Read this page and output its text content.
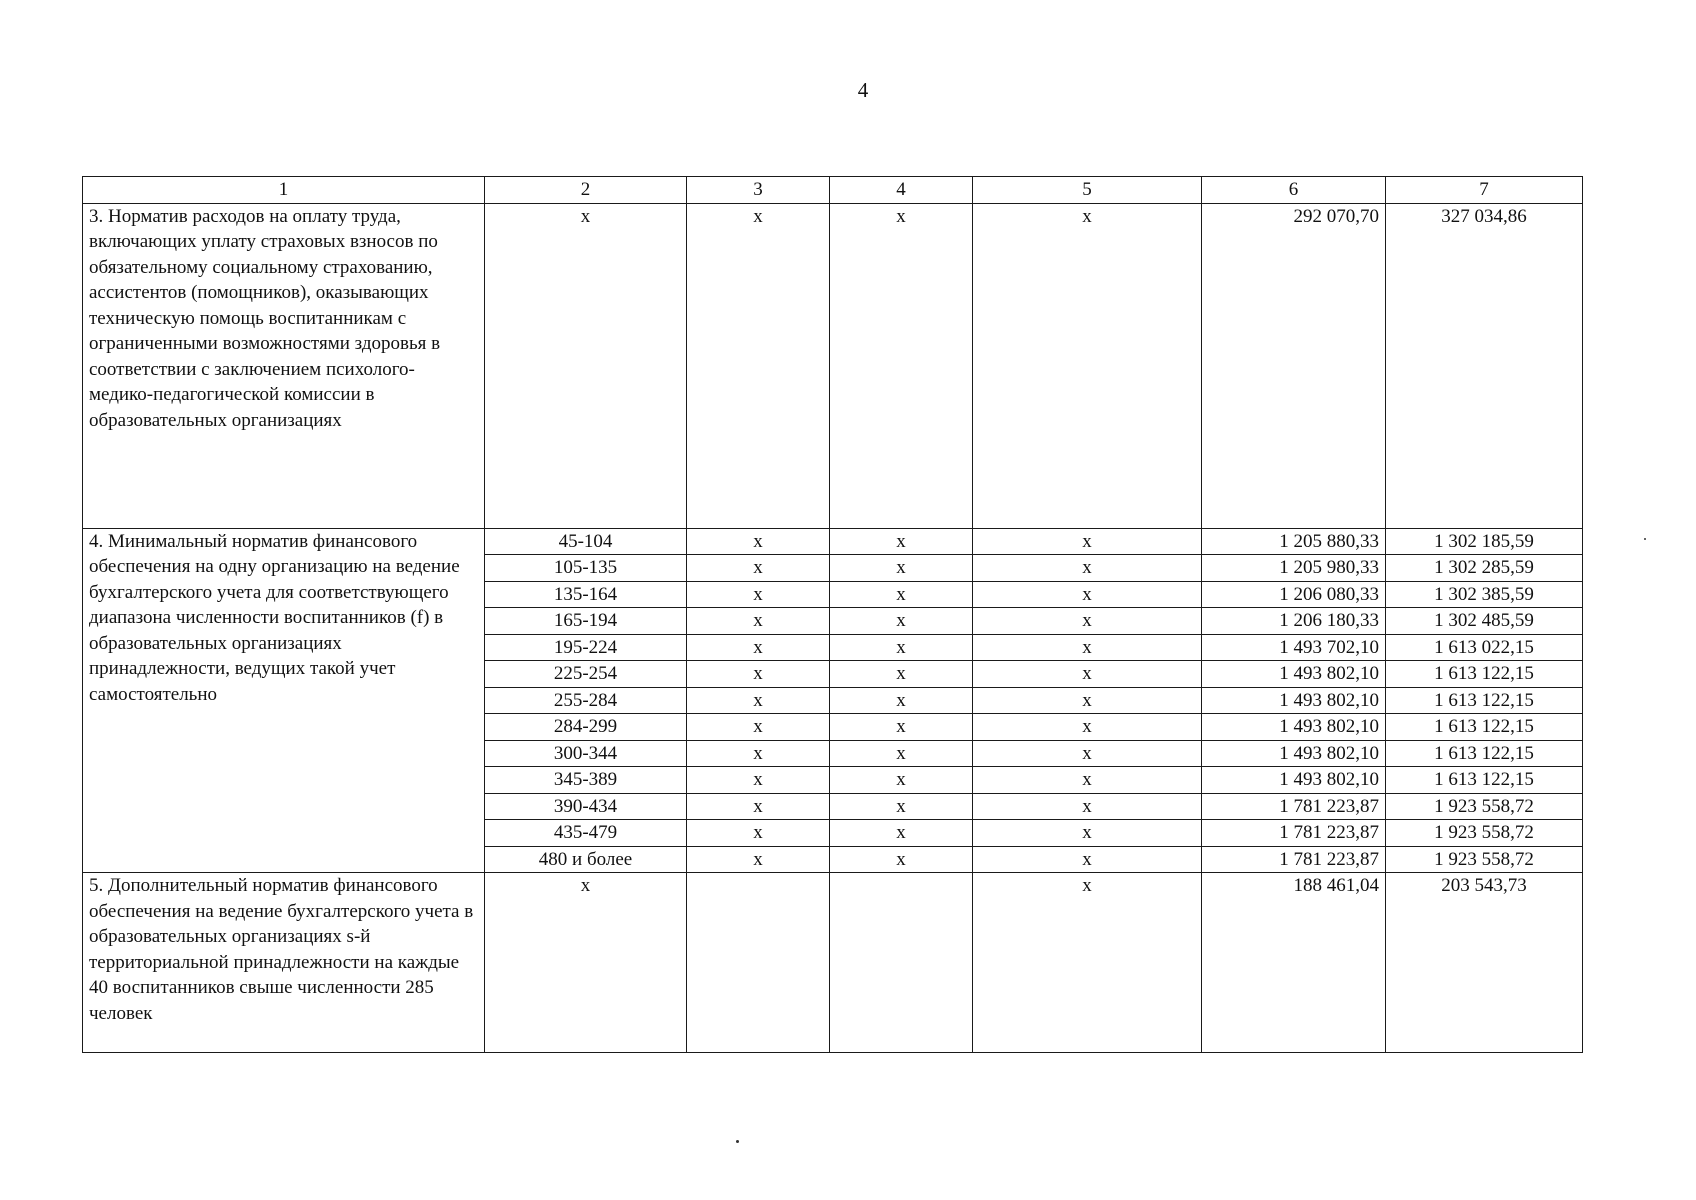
4
1	2	3	4	5	6	7
3. Норматив расходов на оплату труда, включающих уплату страховых взносов по обязательному социальному страхованию, ассистентов (помощников), оказывающих техническую помощь воспитанникам с ограниченными возможностями здоровья в соответствии с заключением психолого-медико-педагогической комиссии в образовательных организациях	х	х	х	х	292 070,70	327 034,86
4. Минимальный норматив финансового обеспечения на одну организацию на ведение бухгалтерского учета для соответствующего диапазона численности воспитанников (f) в образовательных организациях принадлежности, ведущих такой учет самостоятельно	45-104	х	х	х	1 205 880,33	1 302 185,59
	105-135	х	х	х	1 205 980,33	1 302 285,59
	135-164	х	х	х	1 206 080,33	1 302 385,59
	165-194	х	х	х	1 206 180,33	1 302 485,59
	195-224	х	х	х	1 493 702,10	1 613 022,15
	225-254	х	х	х	1 493 802,10	1 613 122,15
	255-284	х	х	х	1 493 802,10	1 613 122,15
	284-299	х	х	х	1 493 802,10	1 613 122,15
	300-344	х	х	х	1 493 802,10	1 613 122,15
	345-389	х	х	х	1 493 802,10	1 613 122,15
	390-434	х	х	х	1 781 223,87	1 923 558,72
	435-479	х	х	х	1 781 223,87	1 923 558,72
	480 и более	х	х	х	1 781 223,87	1 923 558,72
5. Дополнительный норматив финансового обеспечения на ведение бухгалтерского учета в образовательных организациях s-й территориальной принадлежности на каждые 40 воспитанников свыше численности 285 человек	х			х	188 461,04	203 543,73
